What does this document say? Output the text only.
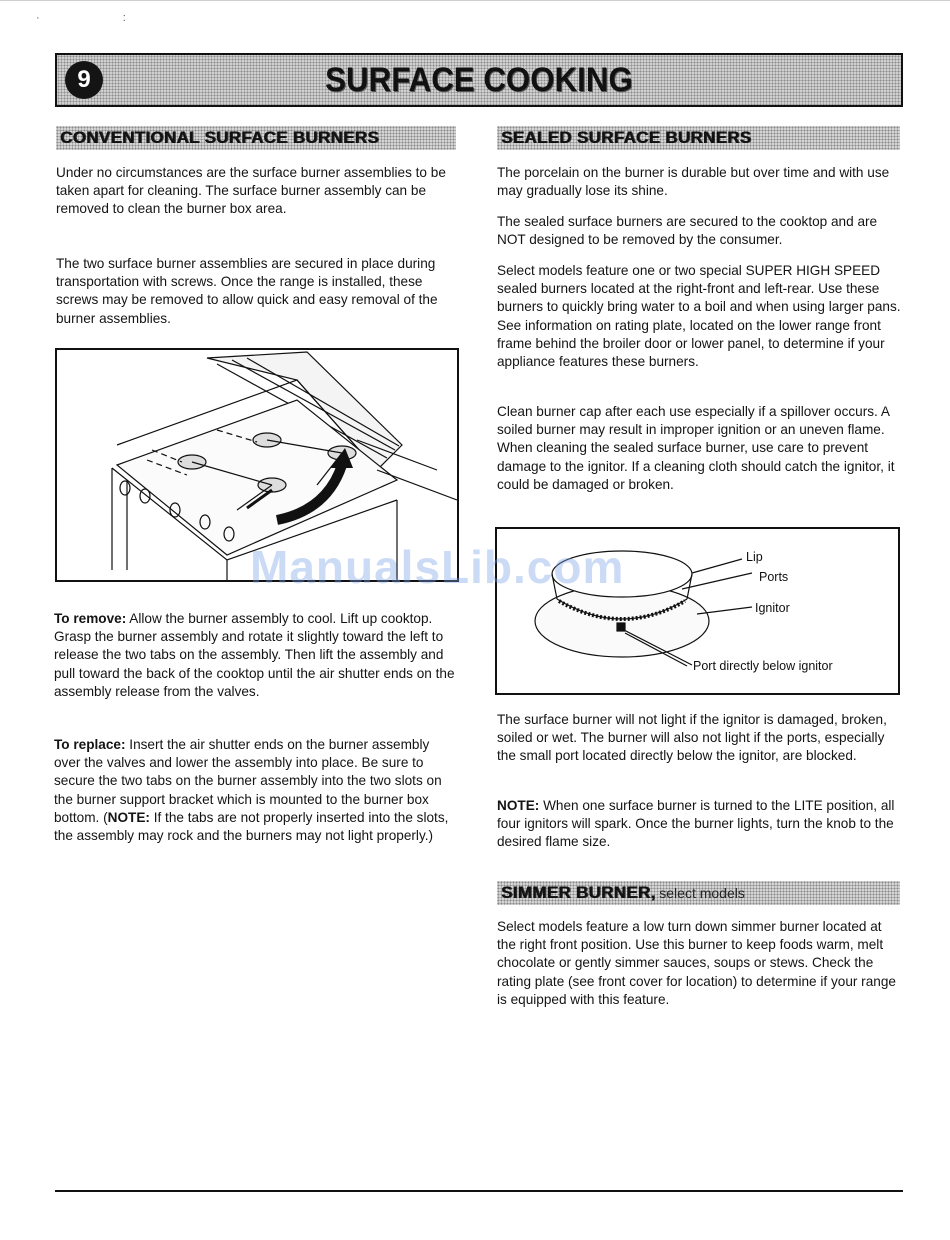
· :
9	SURFACE COOKING
CONVENTIONAL SURFACE BURNERS
Under no circumstances are the surface burner assemblies to be taken apart for cleaning. The surface burner assembly can be removed to clean the burner box area.
The two surface burner assemblies are secured in place during transportation with screws. Once the range is installed, these screws may be removed to allow quick and easy removal of the burner assemblies.
To remove: Allow the burner assembly to cool. Lift up cooktop. Grasp the burner assembly and rotate it slightly toward the left to release the two tabs on the assembly. Then lift the assembly and pull toward the back of the cooktop until the air shutter ends on the assembly release from the valves.
To replace: Insert the air shutter ends on the burner assembly over the valves and lower the assembly into place. Be sure to secure the two tabs on the burner assembly into the two slots on the burner support bracket which is mounted to the burner box bottom. (NOTE: If the tabs are not properly inserted into the slots, the assembly may rock and the burners may not light properly.)
SEALED SURFACE BURNERS
The porcelain on the burner is durable but over time and with use may gradually lose its shine.
The sealed surface burners are secured to the cooktop and are NOT designed to be removed by the consumer.
Select models feature one or two special SUPER HIGH SPEED sealed burners located at the right-front and left-rear. Use these burners to quickly bring water to a boil and when using larger pans. See information on rating plate, located on the lower range front frame behind the broiler door or lower panel, to determine if your appliance features these burners.
Clean burner cap after each use especially if a spillover occurs. A soiled burner may result in improper ignition or an uneven flame. When cleaning the sealed surface burner, use care to prevent damage to the ignitor. If a cleaning cloth should catch the ignitor, it could be damaged or broken.
Lip
Ports
Ignitor
Port directly below ignitor
The surface burner will not light if the ignitor is damaged, broken, soiled or wet. The burner will also not light if the ports, especially the small port located directly below the ignitor, are blocked.
NOTE: When one surface burner is turned to the LITE position, all four ignitors will spark. Once the burner lights, turn the knob to the desired flame size.
SIMMER BURNER, select models
Select models feature a low turn down simmer burner located at the right front position. Use this burner to keep foods warm, melt chocolate or gently simmer sauces, soups or stews. Check the rating plate (see front cover for location) to determine if your range is equipped with this feature.
ManualsLib.com
